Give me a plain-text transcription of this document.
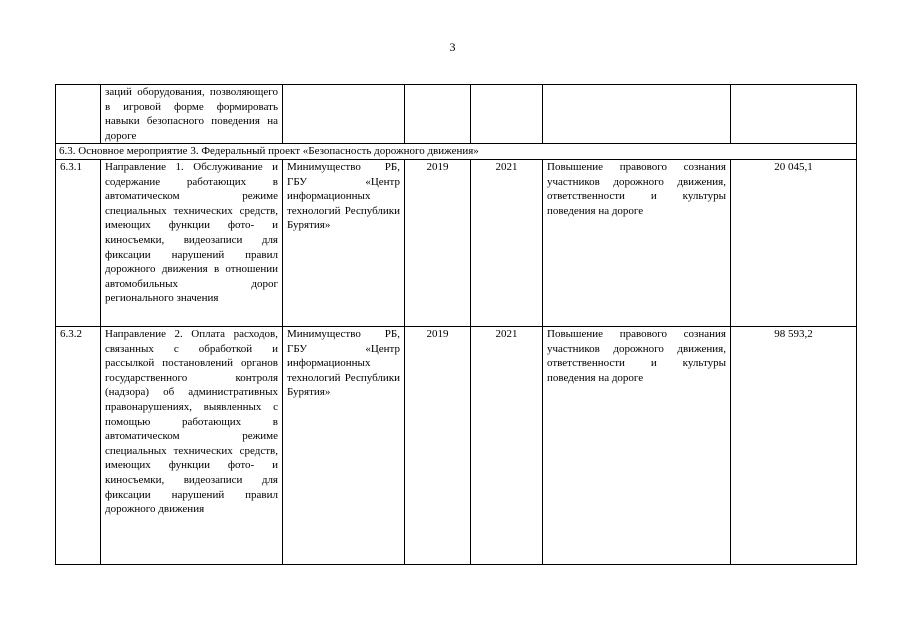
3
	заций оборудования, позволяющего в игровой форме формировать навыки безопасного поведения на дороге					
6.3. Основное мероприятие 3. Федеральный проект «Безопасность дорожного движения»						
6.3.1	Направление 1. Обслуживание и содержание работающих в автоматическом режиме специальных технических средств, имеющих функции фото- и киносъемки, видеозаписи для фиксации нарушений правил дорожного движения в отношении автомобильных дорог регионального значения	Минимущество РБ, ГБУ «Центр информационных технологий Республики Бурятия»	2019	2021	Повышение правового сознания участников дорожного движения, ответственности и культуры поведения на дороге	20 045,1
6.3.2	Направление 2. Оплата расходов, связанных с обработкой и рассылкой постановлений органов государственного контроля (надзора) об административных правонарушениях, выявленных с помощью работающих в автоматическом режиме специальных технических средств, имеющих функции фото- и киносъемки, видеозаписи для фиксации нарушений правил дорожного движения	Минимущество РБ, ГБУ «Центр информационных технологий Республики Бурятия»	2019	2021	Повышение правового сознания участников дорожного движения, ответственности и культуры поведения на дороге	98 593,2
